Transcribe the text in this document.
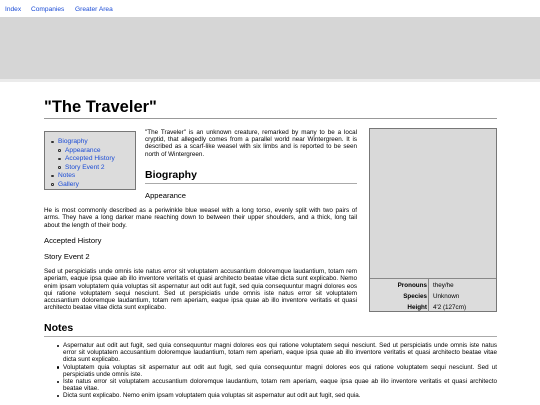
Index Companies Greater Area
"The Traveler"
Biography
Appearance
Accepted History
Story Event 2
Notes
Gallery

"The Traveler" is an unknown creature, remarked by many to be a local cryptid, that allegedly comes from a parallel world near Wintergreen. It is described as a scarf-like weasel with six limbs and is reported to be seen north of Wintergreen.

Biography
Appearance

He is most commonly described as a periwinkle blue weasel with a long torso, evenly split with two pairs of arms. They have a long darker mane reaching down to between their upper shoulders, and a thick, long tail about the length of their body.

Accepted History
Story Event 2

Sed ut perspiciatis unde omnis iste natus error sit voluptatem accusantium doloremque laudantium, totam rem aperiam, eaque ipsa quae ab illo inventore veritatis et quasi architecto beatae vitae dicta sunt explicabo. Nemo enim ipsam voluptatem quia voluptas sit aspernatur aut odit aut fugit, sed quia consequuntur magni dolores eos qui ratione voluptatem sequi nesciunt. Sed ut perspiciatis unde omnis iste natus error sit voluptatem accusantium doloremque laudantium, totam rem aperiam, eaque ipsa quae ab illo inventore veritatis et quasi architecto beatae vitae dicta sunt explicabo.

Pronouns they/he
Species Unknown
Height 4'2 (127cm)
Notes
Aspernatur aut odit aut fugit, sed quia consequuntur magni dolores eos qui ratione voluptatem sequi nesciunt. Sed ut perspiciatis unde omnis iste natus error sit voluptatem accusantium doloremque laudantium, totam rem aperiam, eaque ipsa quae ab illo inventore veritatis et quasi architecto beatae vitae dicta sunt explicabo.
Voluptatem quia voluptas sit aspernatur aut odit aut fugit, sed quia consequuntur magni dolores eos qui ratione voluptatem sequi nesciunt. Sed ut perspiciatis unde omnis iste.
Iste natus error sit voluptatem accusantium doloremque laudantium, totam rem aperiam, eaque ipsa quae ab illo inventore veritatis et quasi architecto beatae vitae.
Dicta sunt explicabo. Nemo enim ipsam voluptatem quia voluptas sit aspernatur aut odit aut fugit, sed quia.
